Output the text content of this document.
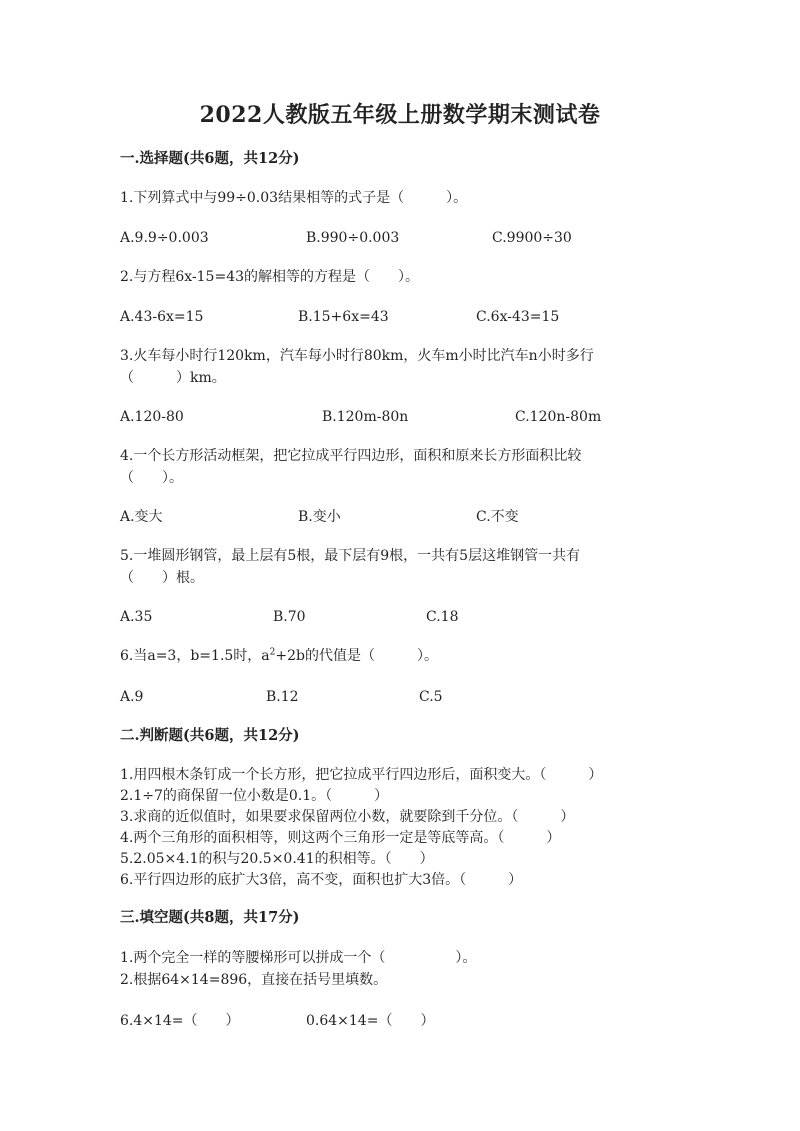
2022人教版五年级上册数学期末测试卷
一.选择题(共6题，共12分)
1.下列算式中与99÷0.03结果相等的式子是（　　　）。
A.9.9÷0.003	B.990÷0.003	C.9900÷30
2.与方程6x-15=43的解相等的方程是（　　）。
A.43-6x=15	B.15+6x=43	C.6x-43=15
3.火车每小时行120km，汽车每小时行80km，火车m小时比汽车n小时多行
（　　　）km。
A.120-80	B.120m-80n	C.120n-80m
4.一个长方形活动框架，把它拉成平行四边形，面积和原来长方形面积比较
（　　）。
A.变大	B.变小	C.不变
5.一堆圆形钢管，最上层有5根，最下层有9根，一共有5层这堆钢管一共有
（　　）根。
A.35	B.70	C.18
6.当a=3，b=1.5时，$a^2+2b$的代值是（　　　）。
A.9	B.12	C.5
二.判断题(共6题，共12分)
1.用四根木条钉成一个长方形，把它拉成平行四边形后，面积变大。（　　　）
2.1÷7的商保留一位小数是0.1。（　　　）
3.求商的近似值时，如果要求保留两位小数，就要除到千分位。（　　　）
4.两个三角形的面积相等，则这两个三角形一定是等底等高。（　　　）
5.2.05×4.1的积与20.5×0.41的积相等。（　　）
6.平行四边形的底扩大3倍，高不变，面积也扩大3倍。（　　　）
三.填空题(共8题，共17分)
1.两个完全一样的等腰梯形可以拼成一个（　　　　　）。
2.根据64×14=896，直接在括号里填数。
6.4×14=（　　）	0.64×14=（　　）
